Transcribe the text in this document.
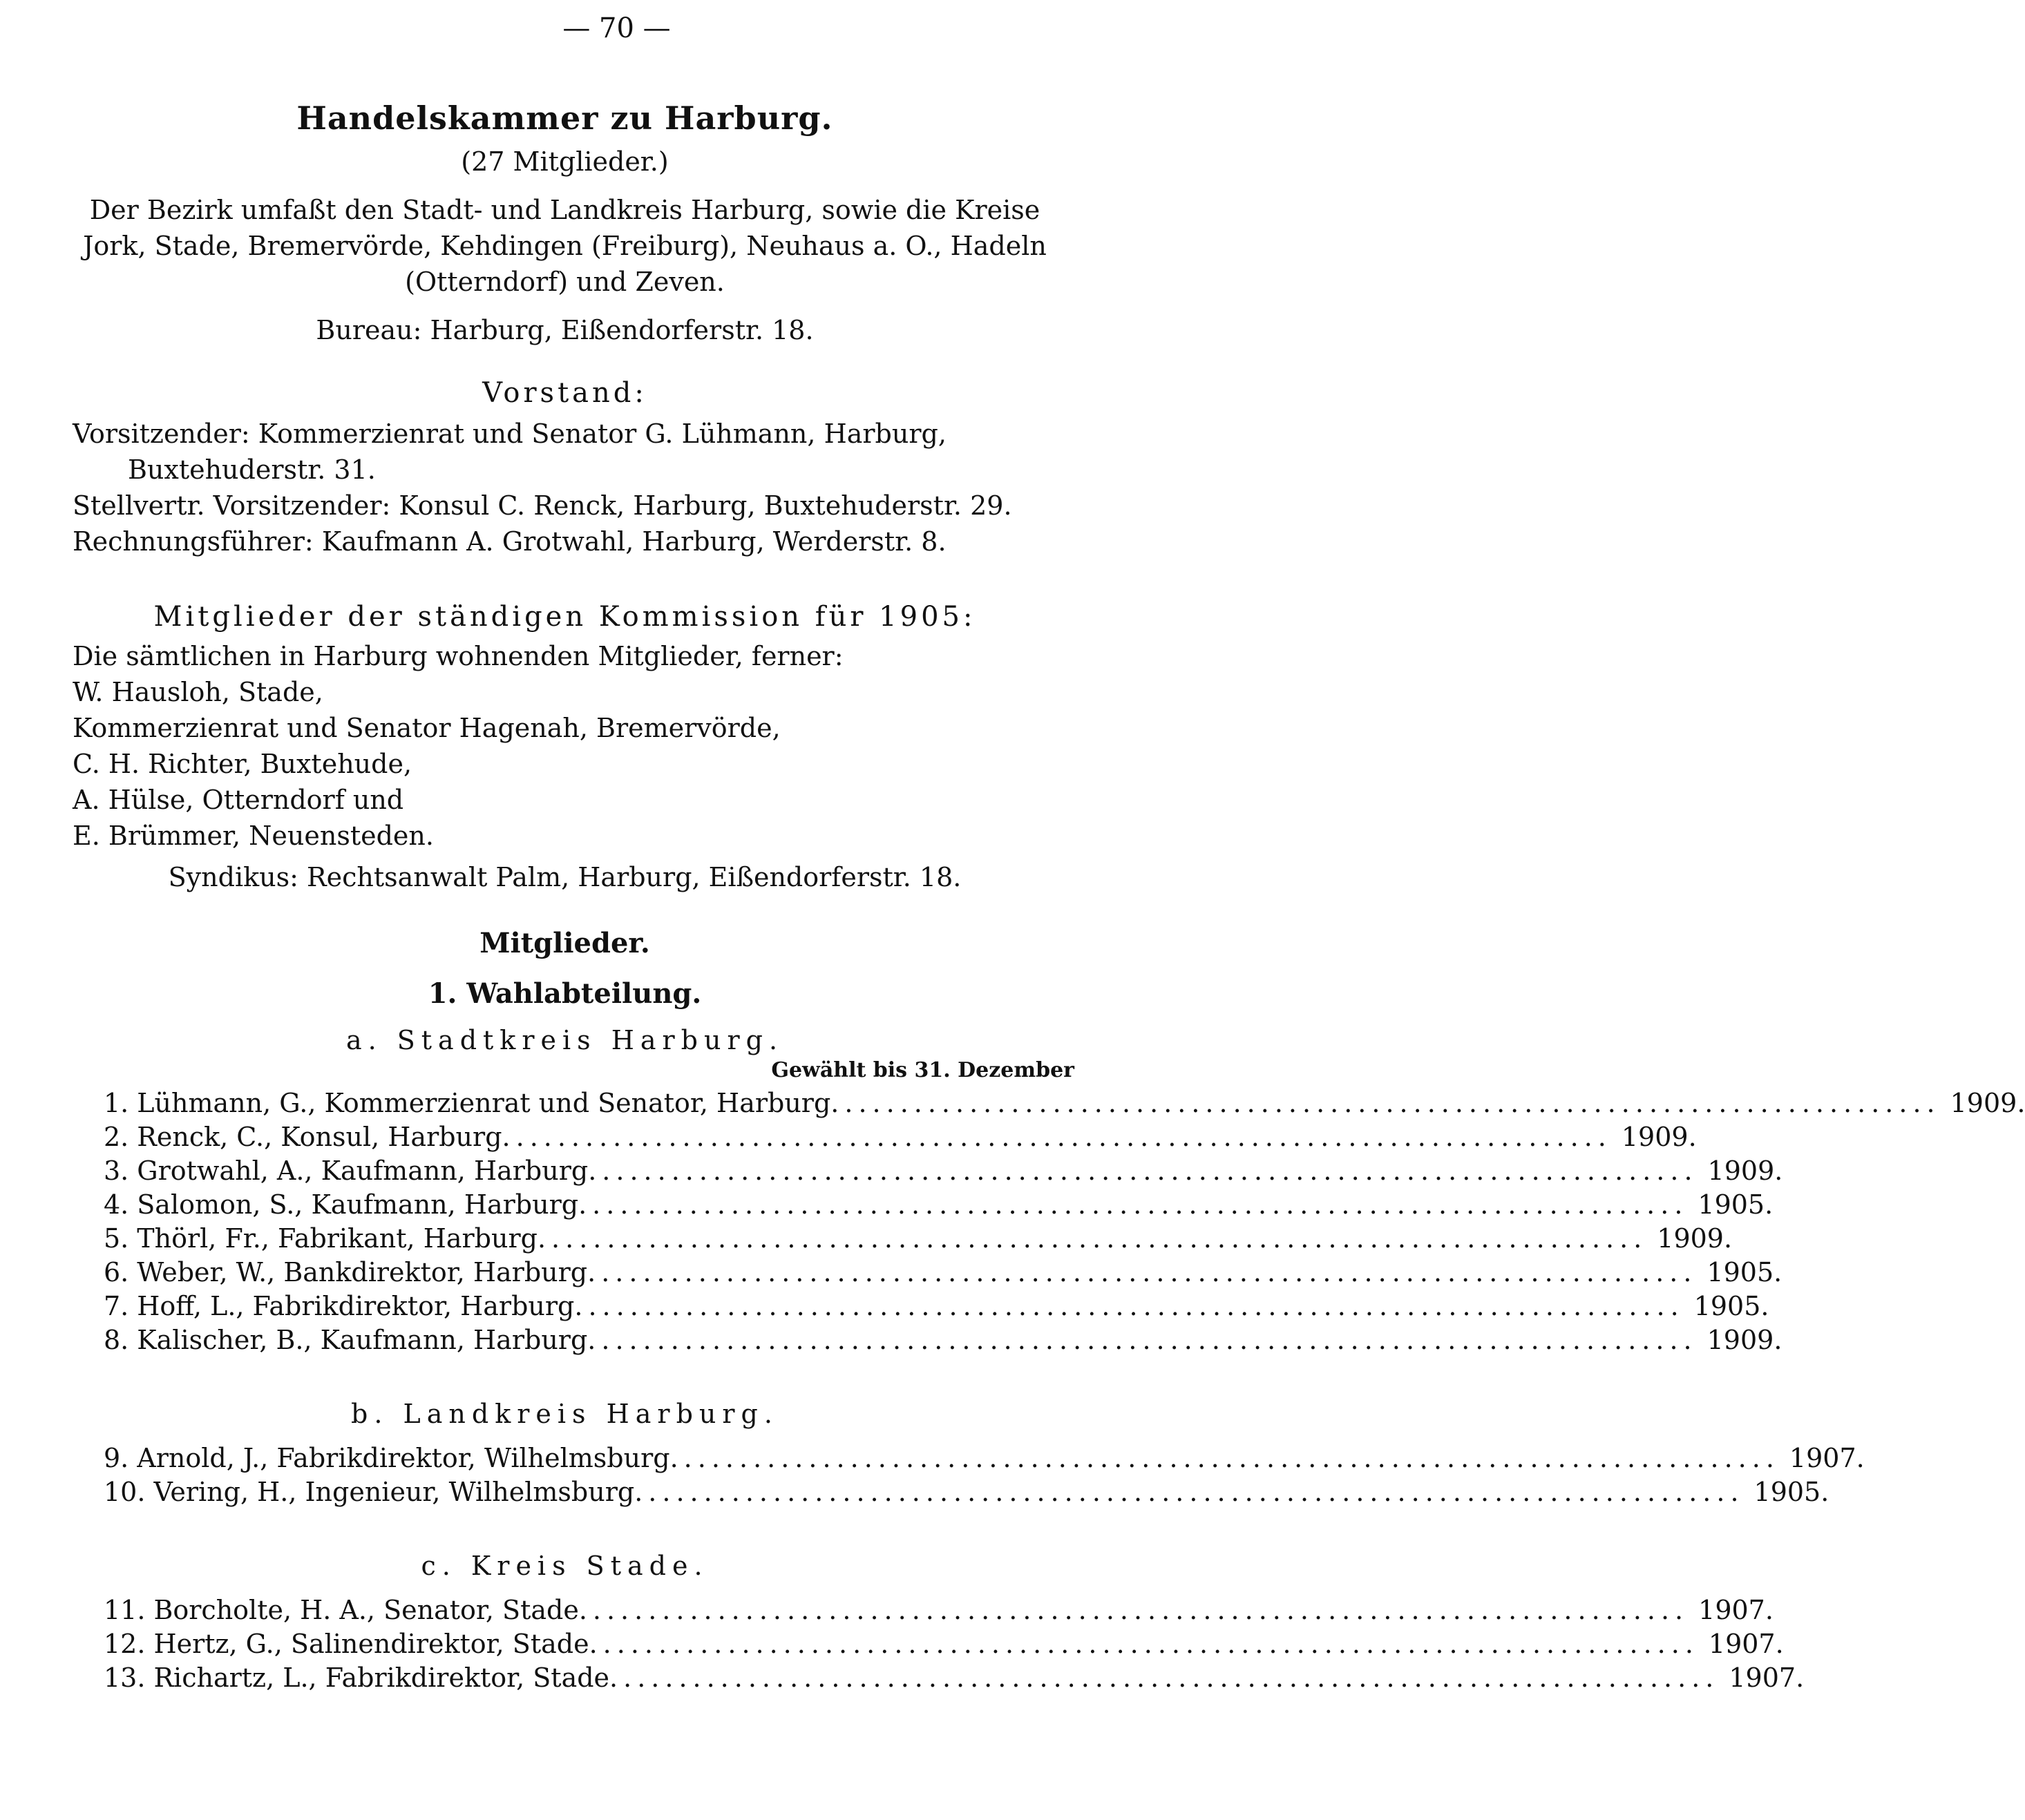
— 70 —
Handelskammer zu Harburg.
(27 Mitglieder.)
Der Bezirk umfaßt den Stadt- und Landkreis Harburg, sowie die Kreise Jork, Stade, Bremervörde, Kehdingen (Freiburg), Neuhaus a. O., Hadeln (Otterndorf) und Zeven.
Bureau: Harburg, Eißendorferstr. 18.
Vorstand:
Vorsitzender: Kommerzienrat und Senator G. Lühmann, Harburg, Buxtehuderstr. 31.
Stellvertr. Vorsitzender: Konsul C. Renck, Harburg, Buxtehuderstr. 29.
Rechnungsführer: Kaufmann A. Grotwahl, Harburg, Werderstr. 8.
Mitglieder der ständigen Kommission für 1905:
Die sämtlichen in Harburg wohnenden Mitglieder, ferner:
W. Hausloh, Stade,
Kommerzienrat und Senator Hagenah, Bremervörde,
C. H. Richter, Buxtehude,
A. Hülse, Otterndorf und
E. Brümmer, Neuensteden.
Syndikus: Rechtsanwalt Palm, Harburg, Eißendorferstr. 18.
Mitglieder.
1. Wahlabteilung.
a. Stadtkreis Harburg.
Gewählt bis 31. Dezember
1. Lühmann, G., Kommerzienrat und Senator, Harburg ................................................................................ 1909.
2. Renck, C., Konsul, Harburg ................................................................................ 1909.
3. Grotwahl, A., Kaufmann, Harburg ................................................................................ 1909.
4. Salomon, S., Kaufmann, Harburg ................................................................................ 1905.
5. Thörl, Fr., Fabrikant, Harburg ................................................................................ 1909.
6. Weber, W., Bankdirektor, Harburg ................................................................................ 1905.
7. Hoff, L., Fabrikdirektor, Harburg ................................................................................ 1905.
8. Kalischer, B., Kaufmann, Harburg ................................................................................ 1909.
b. Landkreis Harburg.
9. Arnold, J., Fabrikdirektor, Wilhelmsburg ................................................................................ 1907.
10. Vering, H., Ingenieur, Wilhelmsburg ................................................................................ 1905.
c. Kreis Stade.
11. Borcholte, H. A., Senator, Stade ................................................................................ 1907.
12. Hertz, G., Salinendirektor, Stade ................................................................................ 1907.
13. Richartz, L., Fabrikdirektor, Stade ................................................................................ 1907.
